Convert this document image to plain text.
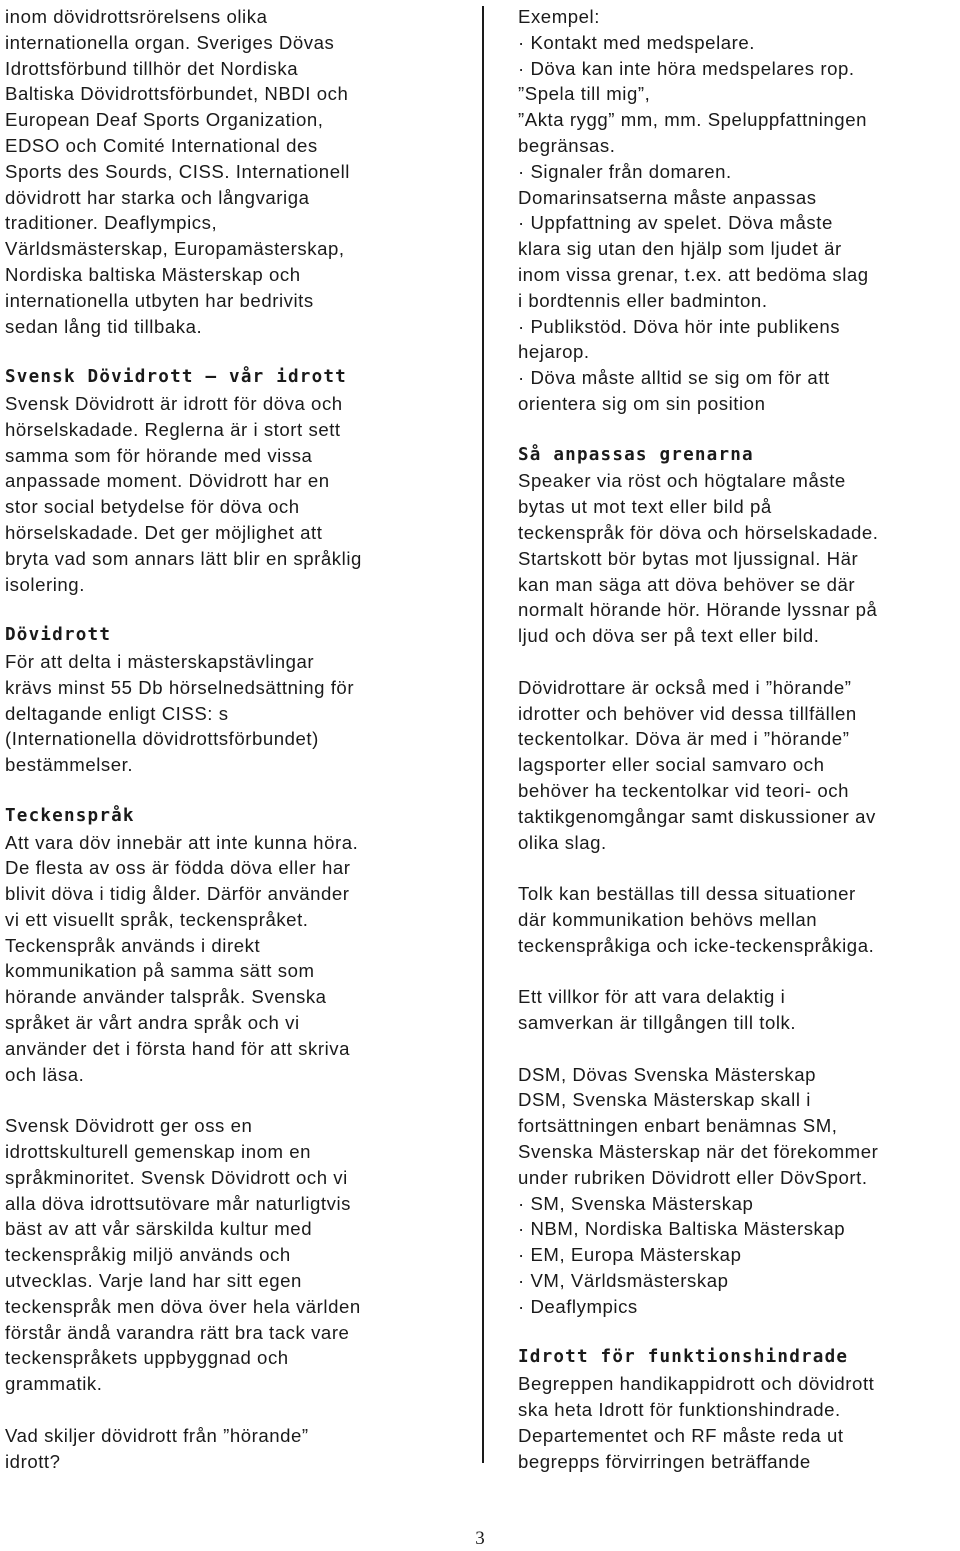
inom dövidrottsrörelsens olika
internationella organ. Sveriges Dövas
Idrottsförbund tillhör det Nordiska
Baltiska Dövidrottsförbundet, NBDI och
European Deaf Sports Organization,
EDSO och Comité International des
Sports des Sourds, CISS. Internationell
dövidrott har starka och långvariga
traditioner. Deaflympics,
Världsmästerskap, Europamästerskap,
Nordiska baltiska Mästerskap och
internationella utbyten har bedrivits
sedan lång tid tillbaka.
Svensk Dövidrott – vår idrott
Svensk Dövidrott är idrott för döva och
hörselskadade. Reglerna är i stort sett
samma som för hörande med vissa
anpassade moment. Dövidrott har en
stor social betydelse för döva och
hörselskadade. Det ger möjlighet att
bryta vad som annars lätt blir en språklig
isolering.
Dövidrott
För att delta i mästerskapstävlingar
krävs minst 55 Db hörselnedsättning för
deltagande enligt CISS: s
(Internationella dövidrottsförbundet)
bestämmelser.
Teckenspråk
Att vara döv innebär att inte kunna höra.
De flesta av oss är födda döva eller har
blivit döva i tidig ålder. Därför använder
vi ett visuellt språk, teckenspråket.
Teckenspråk används i direkt
kommunikation på samma sätt som
hörande använder talspråk. Svenska
språket är vårt andra språk och vi
använder det i första hand för att skriva
och läsa.
Svensk Dövidrott ger oss en
idrottskulturell gemenskap inom en
språkminoritet. Svensk Dövidrott och vi
alla döva idrottsutövare mår naturligtvis
bäst av att vår särskilda kultur med
teckenspråkig miljö används och
utvecklas. Varje land har sitt egen
teckenspråk men döva över hela världen
förstår ändå varandra rätt bra tack vare
teckenspråkets uppbyggnad och
grammatik.
Vad skiljer dövidrott från ”hörande”
idrott?
Exempel:
· Kontakt med medspelare.
· Döva kan inte höra medspelares rop.
”Spela till mig”,
”Akta rygg” mm, mm. Speluppfattningen
begränsas.
· Signaler från domaren.
Domarinsatserna måste anpassas
· Uppfattning av spelet. Döva måste
klara sig utan den hjälp som ljudet är
inom vissa grenar, t.ex. att bedöma slag
i bordtennis eller badminton.
· Publikstöd. Döva hör inte publikens
hejarop.
· Döva måste alltid se sig om för att
orientera sig om sin position
Så anpassas grenarna
Speaker via röst och högtalare måste
bytas ut mot text eller bild på
teckenspråk för döva och hörselskadade.
Startskott bör bytas mot ljussignal. Här
kan man säga att döva behöver se där
normalt hörande hör. Hörande lyssnar på
ljud och döva ser på text eller bild.
Dövidrottare är också med i ”hörande”
idrotter och behöver vid dessa tillfällen
teckentolkar. Döva är med i ”hörande”
lagsporter eller social samvaro och
behöver ha teckentolkar vid teori- och
taktikgenomgångar samt diskussioner av
olika slag.
Tolk kan beställas till dessa situationer
där kommunikation behövs mellan
teckenspråkiga och icke-teckenspråkiga.
Ett villkor för att vara delaktig i
samverkan är tillgången till tolk.
DSM, Dövas Svenska Mästerskap
DSM, Svenska Mästerskap skall i
fortsättningen enbart benämnas SM,
Svenska Mästerskap när det förekommer
under rubriken Dövidrott eller DövSport.
· SM, Svenska Mästerskap
· NBM, Nordiska Baltiska Mästerskap
· EM, Europa Mästerskap
· VM, Världsmästerskap
· Deaflympics
Idrott för funktionshindrade
Begreppen handikappidrott och dövidrott
ska heta Idrott för funktionshindrade.
Departementet och RF måste reda ut
begrepps förvirringen beträffande
3
